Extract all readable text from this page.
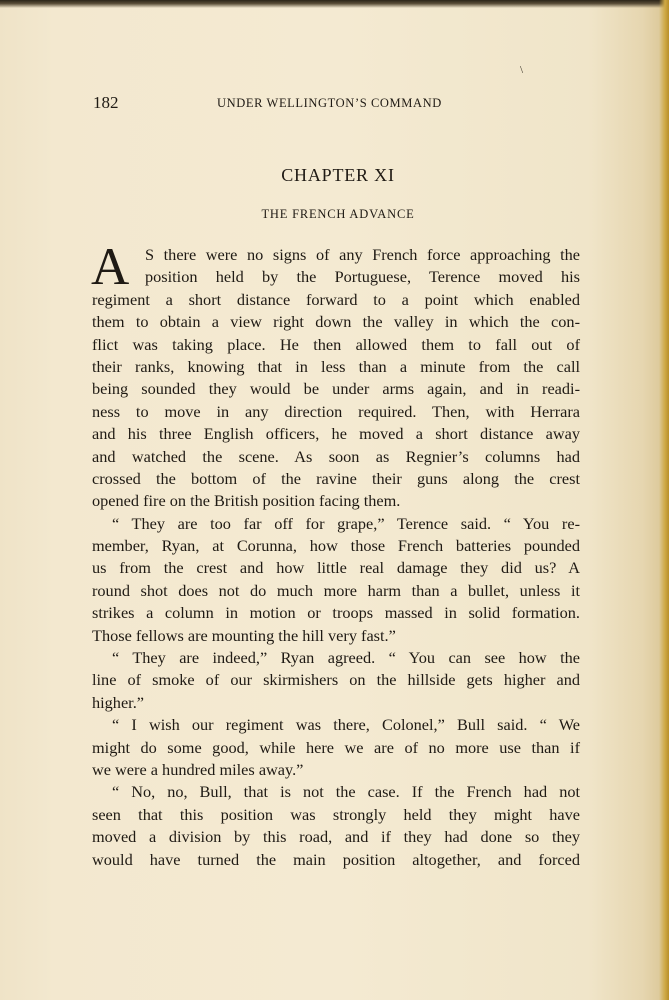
\
182	UNDER WELLINGTON’S COMMAND
CHAPTER XI
THE FRENCH ADVANCE
A S there were no signs of any French force approaching the
position held by the Portuguese, Terence moved his
regiment a short distance forward to a point which enabled
them to obtain a view right down the valley in which the con-
flict was taking place. He then allowed them to fall out of
their ranks, knowing that in less than a minute from the call
being sounded they would be under arms again, and in readi-
ness to move in any direction required. Then, with Herrara
and his three English officers, he moved a short distance away
and watched the scene. As soon as Regnier’s columns had
crossed the bottom of the ravine their guns along the crest
opened fire on the British position facing them.
“ They are too far off for grape,” Terence said. “ You re-
member, Ryan, at Corunna, how those French batteries pounded
us from the crest and how little real damage they did us? A
round shot does not do much more harm than a bullet, unless it
strikes a column in motion or troops massed in solid formation.
Those fellows are mounting the hill very fast.”
“ They are indeed,” Ryan agreed. “ You can see how the
line of smoke of our skirmishers on the hillside gets higher and
higher.”
“ I wish our regiment was there, Colonel,” Bull said. “ We
might do some good, while here we are of no more use than if
we were a hundred miles away.”
“ No, no, Bull, that is not the case. If the French had not
seen that this position was strongly held they might have
moved a division by this road, and if they had done so they
would have turned the main position altogether, and forced
